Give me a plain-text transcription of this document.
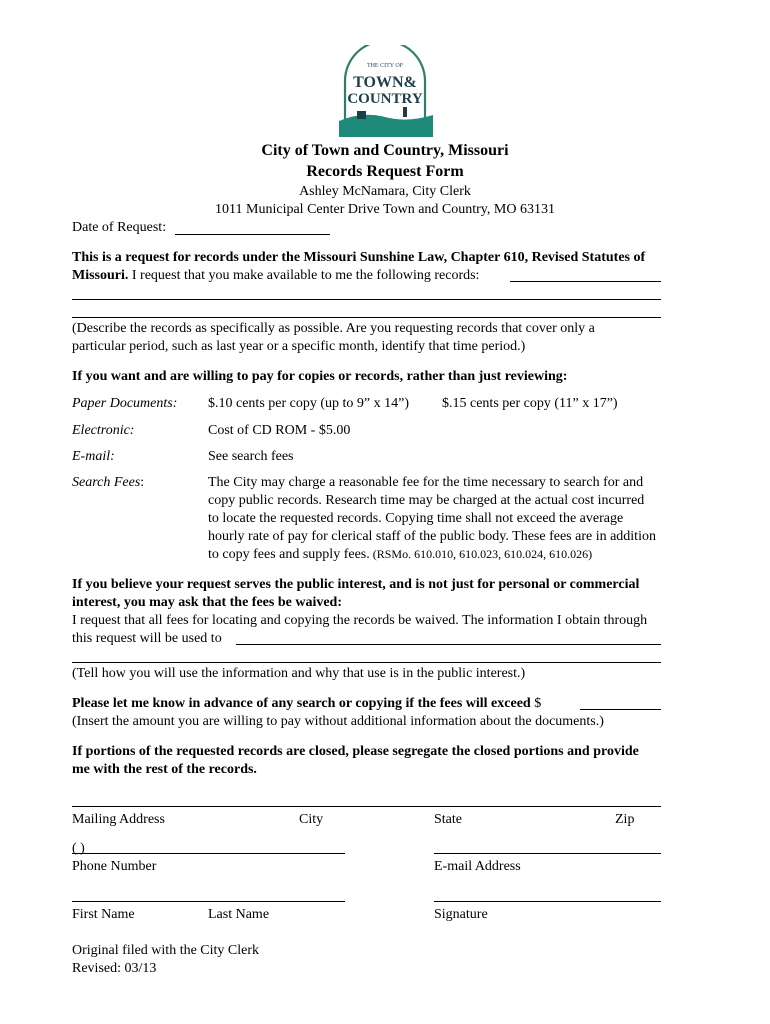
THE CITY OF
TOWN&
COUNTRY
City of Town and Country, Missouri
Records Request Form
Ashley McNamara, City Clerk
1011 Municipal Center Drive Town and Country, MO 63131
Date of Request:
This is a request for records under the Missouri Sunshine Law, Chapter 610, Revised Statutes of
Missouri. I request that you make available to me the following records:
(Describe the records as specifically as possible. Are you requesting records that cover only a
particular period, such as last year or a specific month, identify that time period.)
If you want and are willing to pay for copies or records, rather than just reviewing:
Paper Documents: $.10 cents per copy (up to 9” x 14”) $.15 cents per copy (11” x 17”)
Electronic:	Cost of CD ROM - $5.00
E-mail:	See search fees
Search Fees:	The City may charge a reasonable fee for the time necessary to search for and
copy public records. Research time may be charged at the actual cost incurred
to locate the requested records. Copying time shall not exceed the average
hourly rate of pay for clerical staff of the public body. These fees are in addition
to copy fees and supply fees. (RSMo. 610.010, 610.023, 610.024, 610.026)
If you believe your request serves the public interest, and is not just for personal or commercial
interest, you may ask that the fees be waived:
I request that all fees for locating and copying the records be waived. The information I obtain through
this request will be used to
(Tell how you will use the information and why that use is in the public interest.)
Please let me know in advance of any search or copying if the fees will exceed $
(Insert the amount you are willing to pay without additional information about the documents.)
If portions of the requested records are closed, please segregate the closed portions and provide
me with the rest of the records.
Mailing Address	City	State	Zip
( )
Phone Number	E-mail Address
First Name	Last Name	Signature
Original filed with the City Clerk
Revised: 03/13
